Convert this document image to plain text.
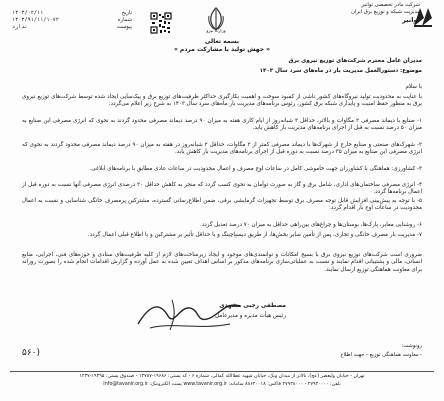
شرکت مادر تخصصی توانیر
مدیریت شبکه و توزیع برق ایران
توانیر
وزارت نیرو
۱۴۰۳/۰۲/۱۱	تاریخ
۱۴۰۳/۹۱/۱۱/۱۰۷۲	شماره
ندارد	پیوست
بسمه تعالی
« جهش تولید با مشارکت مردم »
مدیران عامل محترم شرکت‌های توزیع نیروی برق
موضوع: دستورالعمل مدیریت بار در ماه‌های سرد سال ۱۴۰۳
با سلام
با عنایت به محدودیت تولید نیروگاه‌های کشور ناشی از کمبود سوخت و اهمیت بکارگیری حداکثر ظرفیت‌های توزیع برق و پیک‌سایی ایجاد شده توسط شرکت‌های توزیع نیروی برق به منظور حفظ امنیت و پایداری شبکه برق کشور، رئوس برنامه‌های مدیریت بار ماه‌های سرد سال ۱۴۰۳ به شرح زیر اعلام می‌گردد:
۱- صنایع با دیماند مصرفی ۲ مگاوات و بالاتر، حداقل ۳ شبانه‌روز از ایام کاری هفته به میزان ۹۰ درصد دیماند مصرفی محدود گردند به نحوی که انرژی مصرفی این صنایع به میزان ۵۰ درصد نسبت به قبل از اجرای برنامه‌های مدیریت بار کاهش یابد.
۲- شهرک‌های صنعتی و صنایع خارج از شهرک‌ها با دیماند مصرفی کمتر از ۲ مگاوات، حداقل ۲ شبانه‌روز در هفته به میزان ۹۰ درصد دیماند مصرفی محدود گردند به نحوی که انرژی مصرفی این صنایع به میزان ۳۵ درصد نسبت به دوره قبل از اجرای برنامه‌های مدیریت بار کاهش یابد.
۳- کشاورزی: هماهنگی با کشاورزان جهت خاموشی کامل در ساعات اوج مصرف و اعمال محدودیت در ساعات عادی مطابق با برنامه‌های ابلاغی.
۴- انرژی مصرفی ساختمان‌های اداری، شامل برق و گاز به صورت توأمان به نحوی کسب گردد که منجر به کاهش حداقل ۲۰ درصدی انرژی مصرفی آنها نسبت به دوره قبل از اعمال برنامه‌ها گردد.
۵- با توجه به پیش‌بینی افزایش قابل توجه مصرف برق توسط تجهیزات گرمایشی برقی، ضمن اطلاع‌رسانی گسترده، مشترکین پرمصرف خانگی شناسایی و نسبت به اعمال محدودیت در ساعات اوج بار اقدام گردد.
۶- روشنایی معابر، پارک‌ها، بوستان‌ها و چراغ‌های بین‌راهی حداقل به میزان ۷۰ درصد تعدیل گردد.
۷- مدیریت بار مصرف خانگی و تجاری، پس از تأمین سایر بخش‌ها، از طریق دیسپاچینگ و با حداقل تأثیر بر مشترکین و با اطلاع قبلی اعمال گردد.
ضروری است شرکت‌های توزیع نیروی برق با بسیج امکانات و توانمندی‌های موجود و ایجاد زیرساخت‌های لازم از کلیه ظرفیت‌های ستادی و حوزه‌های فنی، اجرایی، منابع انسانی، مالی و پشتیبانی اقدام نمایند و نسبت به عملیاتی‌سازی برنامه‌های مذکور بر اساس اهداف تعیین شده به عمل آورده و گزارش اقدامات انجام شده را بصورت روزانه برای معاونت هماهنگی توزیع ارسال نمایند.
مصطفی رجبی مشهدی
رئیس هیأت مدیره و مدیرعامل
رونوشت:
- معاونت هماهنگی توزیع - جهت اطلاع
۵۶۰)
تهران - خیابان ولیعصر (عج)، بالاتر از میدان ونک، خیابان شهید عطاالله کمالی، شماره ۶ - کد پستی: ۱۹۶۸۶-۱۳۷۸۷ - صندوق پستی: ۱۹۳۹۵-۱۴۳۷
تلفن: ۲۷۹۳۰۰۰۰ - ۲۷۹۳۸۰۰۰ فاکس: ۸۸۶۴۰۰۱۸ سامانه: www.tavanir.org.ir پست الکترونیک: Info@tavanir.org.ir
